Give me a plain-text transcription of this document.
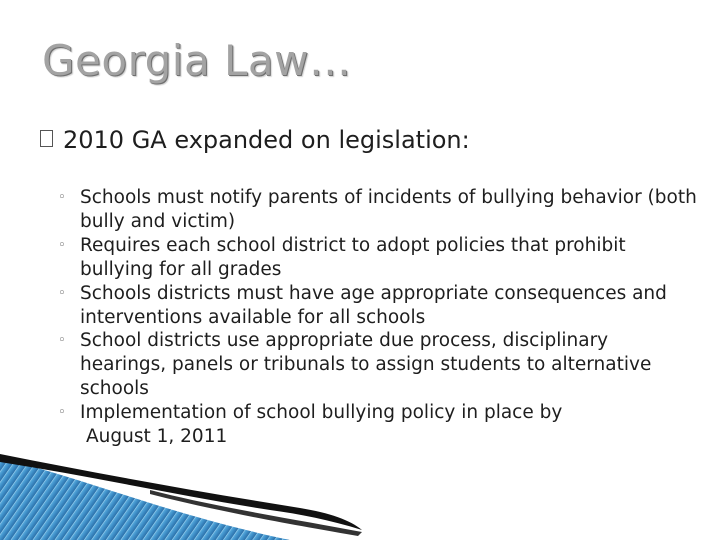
Georgia Law…
2010 GA expanded on legislation:
◦ Schools must notify parents of incidents of bullying behavior (both bully and victim)
◦ Requires each school district to adopt policies that prohibit bullying for all grades
◦ Schools districts must have age appropriate consequences and interventions available for all schools
◦ School districts use appropriate due process, disciplinary hearings, panels or tribunals to assign students to alternative schools
◦ Implementation of school bullying policy in place by
August 1, 2011
